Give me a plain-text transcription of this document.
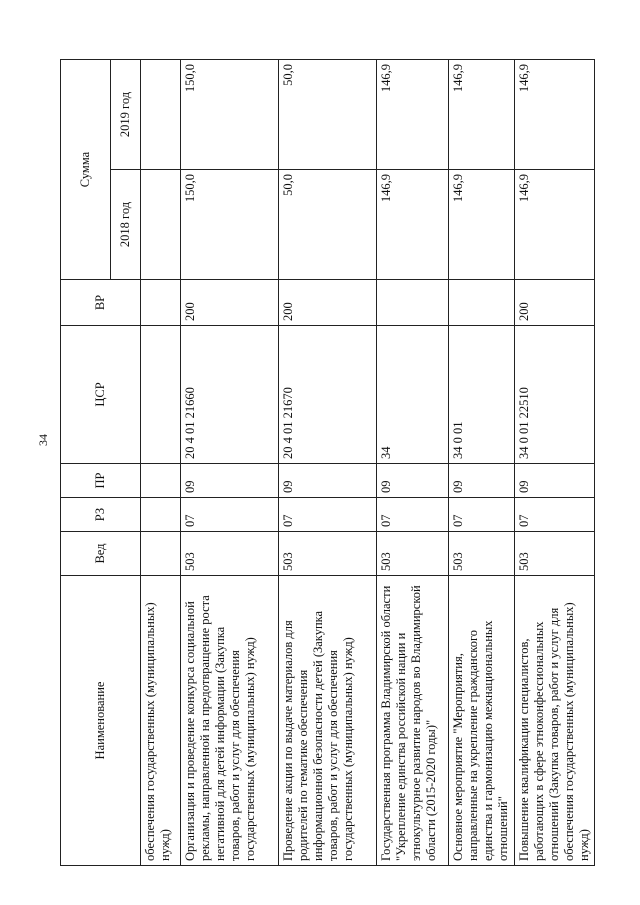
34
Наименование	Вед	РЗ	ПР	ЦСР	ВР	Сумма	
						2018 год	2019 год
обеспечения государственных (муниципальных) нужд)							
Организация и проведение конкурса социальной рекламы, направленной на предотвращение роста негативной для детей информации (Закупка товаров, работ и услуг для обеспечения государственных (муниципальных) нужд)	503	07	09	20 4 01 21660	200	150,0	150,0
Проведение акции по выдаче материалов для родителей по тематике обеспечения информационной безопасности детей (Закупка товаров, работ и услуг для обеспечения государственных (муниципальных) нужд)	503	07	09	20 4 01 21670	200	50,0	50,0
Государственная программа Владимирской области "Укрепление единства российской нации и этнокультурное развитие народов во Владимирской области (2015-2020 годы)"	503	07	09	34		146,9	146,9
Основное мероприятие "Мероприятия, направленные на укрепление гражданского единства и гармонизацию межнациональных отношений"	503	07	09	34 0 01		146,9	146,9
Повышение квалификации специалистов, работающих в сфере этноконфессиональных отношений (Закупка товаров, работ и услуг для обеспечения государственных (муниципальных) нужд)	503	07	09	34 0 01 22510	200	146,9	146,9
